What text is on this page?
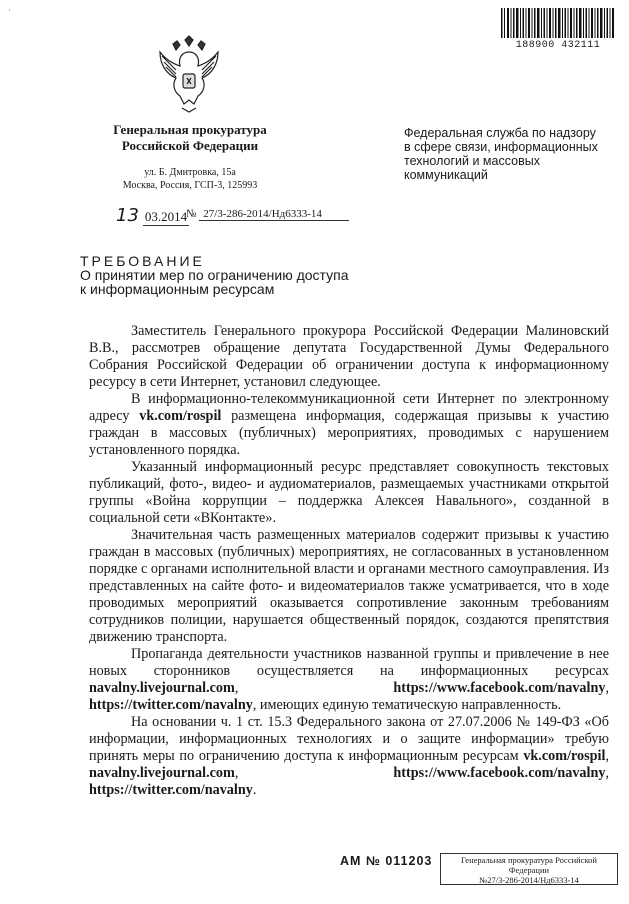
·
188900 432111
Генеральная прокуратура
Российской Федерации
ул. Б. Дмитровка, 15а
Москва, Россия, ГСП-3, 125993
Федеральная служба по надзору
в сфере связи, информационных
технологий и массовых
коммуникаций
13 03.2014
№ 27/3-286-2014/Нд6333-14
ТРЕБОВАНИЕ
О принятии мер по ограничению доступа
к информационным ресурсам

Заместитель Генерального прокурора Российской Федерации Малиновский В.В., рассмотрев обращение депутата Государственной Думы Федерального Собрания Российской Федерации об ограничении доступа к информационному ресурсу в сети Интернет, установил следующее.

В информационно-телекоммуникационной сети Интернет по электронному адресу vk.com/rospil размещена информация, содержащая призывы к участию граждан в массовых (публичных) мероприятиях, проводимых с нарушением установленного порядка.

Указанный информационный ресурс представляет совокупность текстовых публикаций, фото-, видео- и аудиоматериалов, размещаемых участниками открытой группы «Война коррупции – поддержка Алексея Навального», созданной в социальной сети «ВКонтакте».

Значительная часть размещенных материалов содержит призывы к участию граждан в массовых (публичных) мероприятиях, не согласованных в установленном порядке с органами исполнительной власти и органами местного самоуправления. Из представленных на сайте фото- и видеоматериалов также усматривается, что в ходе проводимых мероприятий оказывается сопротивление законным требованиям сотрудников полиции, нарушается общественный порядок, создаются препятствия движению транспорта.

Пропаганда деятельности участников названной группы и привлечение в нее новых сторонников осуществляется на информационных ресурсах navalny.livejournal.com, https://www.facebook.com/navalny, https://twitter.com/navalny, имеющих единую тематическую направленность.

На основании ч. 1 ст. 15.3 Федерального закона от 27.07.2006 № 149-ФЗ «Об информации, информационных технологиях и о защите информации» требую принять меры по ограничению доступа к информационным ресурсам vk.com/rospil, navalny.livejournal.com, https://www.facebook.com/navalny, https://twitter.com/navalny.

АМ № 011203	Генеральная прокуратура Российской
Федерации
№27/3-286-2014/Нд6333-14
